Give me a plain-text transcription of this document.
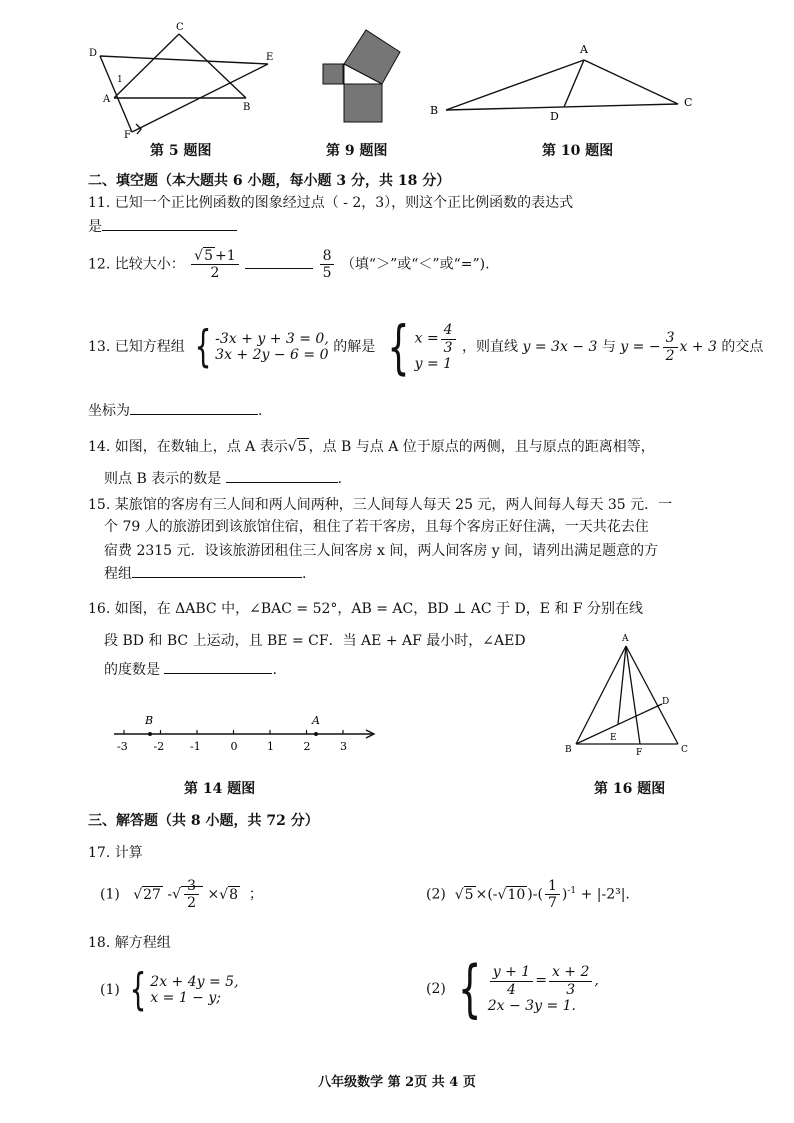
C
D	E
A
B
F
1
第 5 题图	第 9 题图
A
B
C
D
第 10 题图
二、填空题（本大题共 6 小题，每小题 3 分，共 18 分）
11. 已知一个正比例函数的图象经过点（ - 2，3），则这个正比例函数的表达式
是
12. 比较大小： $\frac{√5 +1}{2}$
	$\frac{8}{5}$ （填“＞”或“＜”或“=”).
13. 已知方程组 { -3x + y + 3 = 0,
3x + 2y − 6 = 0 的解是 { $x = \frac{4}{3}$
y = 1
，则直线 y = 3x − 3 与 y = − $\frac{3}{2}$ x + 3 的交点
坐标为	.
14. 如图，在数轴上，点 A 表示√5 ，点 B 与点 A 位于原点的两侧，且与原点的距离相等，
则点 B 表示的数是	.
15. 某旅馆的客房有三人间和两人间两种，三人间每人每天 25 元，两人间每人每天 35 元．一
个 79 人的旅游团到该旅馆住宿，租住了若干客房，且每个客房正好住满，一天共花去住
宿费 2315 元．设该旅游团租住三人间客房 x 间，两人间客房 y 间，请列出满足题意的方
程组	.
16. 如图，在 ΔABC 中，∠BAC = 52°，AB = AC，BD ⊥ AC 于 D，E 和 F 分别在线
段 BD 和 BC 上运动，且 BE = CF．当 AE + AF 最小时，∠AED
的度数是	.
-3 -2 -1	0	1	2	3
B	A
第 14 题图
A
B	C
D
E
F
第 16 题图
三、解答题（共 8 小题，共 72 分）
17. 计算
(1) √27 -√ $\frac{3}{2} \times√8$ ；	(2) √5 ×(-√10 )-( $\frac{1}{7} )^{-1} + |-2^3|$.
18. 解方程组
(1) { 2x + 4y = 5,
x = 1 − y;
(2) { $\frac{y + 1}{4} = \frac{x + 2}{3}$ ,
2x − 3y = 1.
八年级数学 第 2页 共 4 页
